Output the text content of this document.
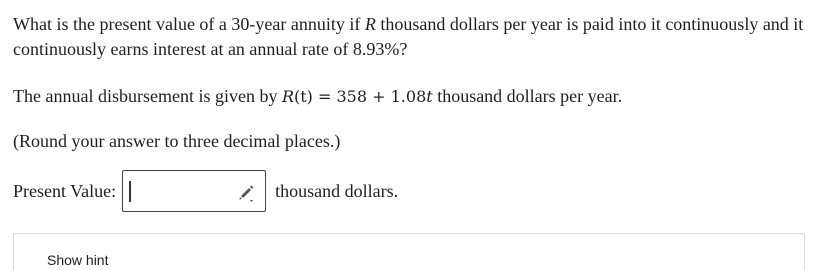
What is the present value of a 30-year annuity if R thousand dollars per year is paid into it continuously and it continuously earns interest at an annual rate of 8.93%?

The annual disbursement is given by R(t) = 358 + 1.08t thousand dollars per year.

(Round your answer to three decimal places.)

Present Value:	thousand dollars.
Show hint
